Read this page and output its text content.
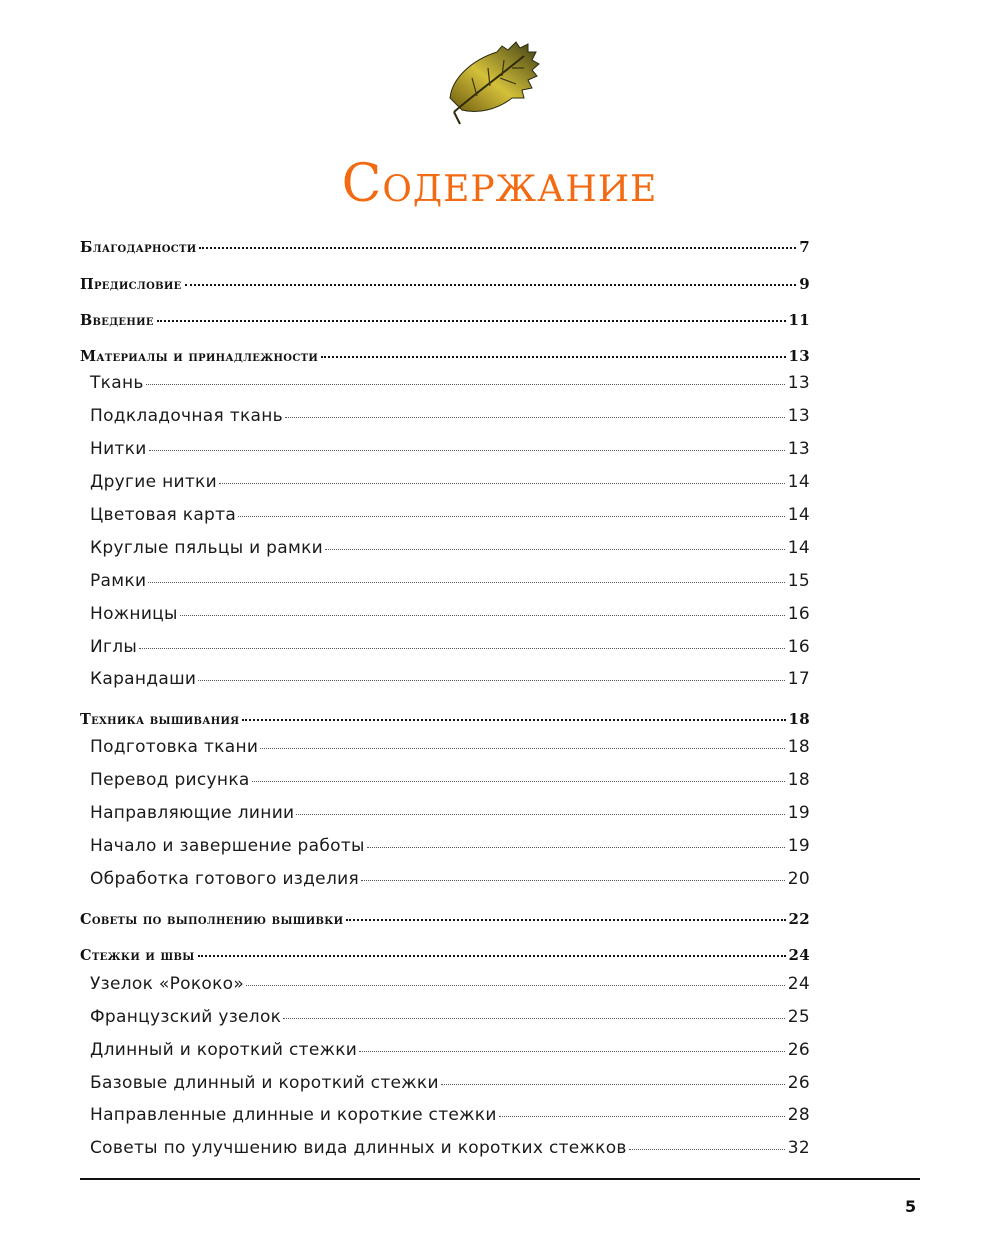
Содержание
Благодарности	7
Предисловие	9
Введение	11
Материалы и принадлежности	13
Ткань	13
Подкладочная ткань	13
Нитки	13
Другие нитки	14
Цветовая карта	14
Круглые пяльцы и рамки	14
Рамки	15
Ножницы	16
Иглы	16
Карандаши	17
Техника вышивания	18
Подготовка ткани	18
Перевод рисунка	18
Направляющие линии	19
Начало и завершение работы	19
Обработка готового изделия	20
Советы по выполнению вышивки	22
Стежки и швы	24
Узелок «Рококо»	24
Французский узелок	25
Длинный и короткий стежки	26
Базовые длинный и короткий стежки	26
Направленные длинные и короткие стежки	28
Советы по улучшению вида длинных и коротких стежков	32
5
